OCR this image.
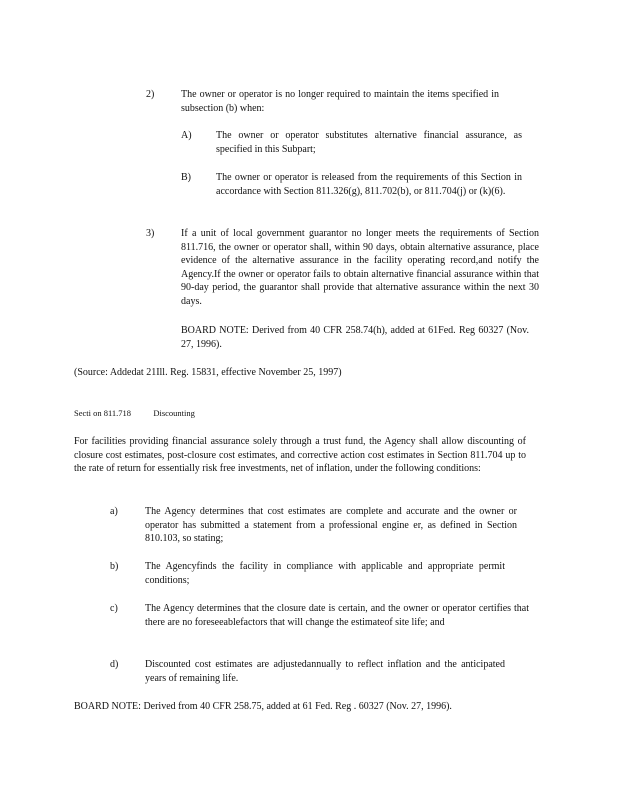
2)	The owner or operator is no longer required to maintain the items specified in subsection (b) when:
A) The owner or operator substitutes alternative financial assurance, as specified in this Subpart;
B)	The owner or operator is released from the requirements of this Section in accordance with Section 811.326(g), 811.702(b), or 811.704(j) or (k)(6).
3)	If a unit of local government guarantor no longer meets the requirements of Section 811.716, the owner or operator shall, within 90 days, obtain alternative assurance, place evidence of the alternative assurance in the facility operating record,and notify the Agency.If the owner or operator fails to obtain alternative financial assurance within that 90-day period, the guarantor shall provide that alternative assurance within the next 30 days.
BOARD NOTE: Derived from 40 CFR 258.74(h), added at 61Fed. Reg 60327 (Nov. 27, 1996).
(Source: Addedat 21Ill. Reg. 15831, effective November 25, 1997)
Secti on 811.718	Discounting
For facilities providing financial assurance solely through a trust fund, the Agency shall allow discounting of closure cost estimates, post-closure cost estimates, and corrective action cost estimates in Section 811.704 up to the rate of return for essentially risk free investments, net of inflation, under the following conditions:
a)	The Agency determines that cost estimates are complete and accurate and the owner or operator has submitted a statement from a professional engine er, as defined in Section 810.103, so stating;
b)	The Agencyfinds the facility in compliance with applicable and appropriate permit conditions;
c)	The Agency determines that the closure date is certain, and the owner or operator certifies that there are no foreseeablefactors that will change the estimateof site life; and
d)	Discounted cost estimates are adjustedannually to reflect inflation and the anticipated years of remaining life.
BOARD NOTE: Derived from 40 CFR 258.75, added at 61 Fed. Reg . 60327 (Nov. 27, 1996).
